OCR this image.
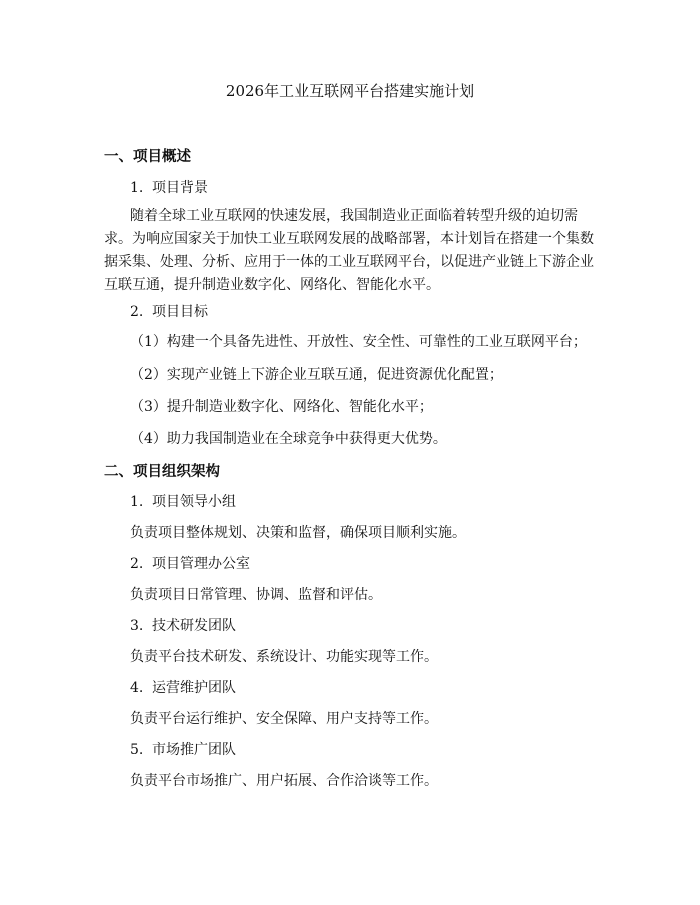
2026年工业互联网平台搭建实施计划
一、项目概述
1. 项目背景
随着全球工业互联网的快速发展，我国制造业正面临着转型升级的迫切需求。为响应国家关于加快工业互联网发展的战略部署，本计划旨在搭建一个集数据采集、处理、分析、应用于一体的工业互联网平台，以促进产业链上下游企业互联互通，提升制造业数字化、网络化、智能化水平。
2. 项目目标
（1）构建一个具备先进性、开放性、安全性、可靠性的工业互联网平台；
（2）实现产业链上下游企业互联互通，促进资源优化配置；
（3）提升制造业数字化、网络化、智能化水平；
（4）助力我国制造业在全球竞争中获得更大优势。
二、项目组织架构
1. 项目领导小组
负责项目整体规划、决策和监督，确保项目顺利实施。
2. 项目管理办公室
负责项目日常管理、协调、监督和评估。
3. 技术研发团队
负责平台技术研发、系统设计、功能实现等工作。
4. 运营维护团队
负责平台运行维护、安全保障、用户支持等工作。
5. 市场推广团队
负责平台市场推广、用户拓展、合作洽谈等工作。
